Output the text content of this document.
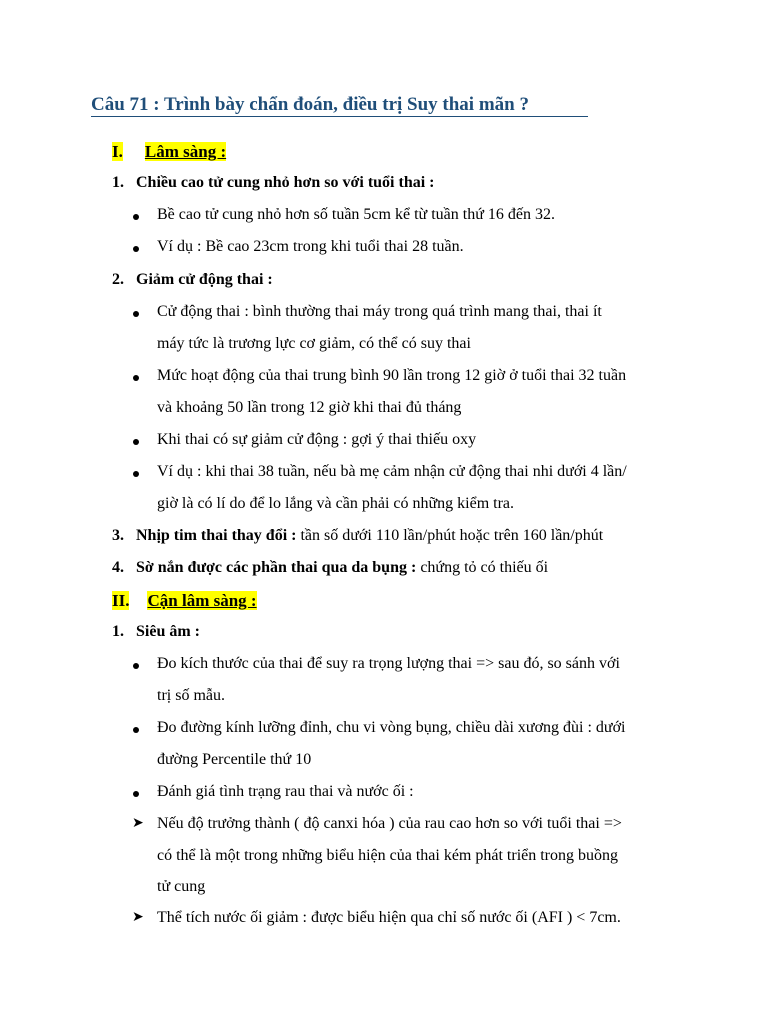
Câu 71 : Trình bày chẩn đoán, điều trị Suy thai mãn ?
I. Lâm sàng :
1. Chiều cao tử cung nhỏ hơn so với tuổi thai :
Bề cao tử cung nhỏ hơn số tuần 5cm kể từ tuần thứ 16 đến 32.
Ví dụ : Bề cao 23cm trong khi tuổi thai 28 tuần.
2. Giảm cử động thai :
Cử động thai : bình thường thai máy trong quá trình mang thai, thai ít
máy tức là trương lực cơ giảm, có thể có suy thai
Mức hoạt động của thai trung bình 90 lần trong 12 giờ ở tuổi thai 32 tuần
và khoảng 50 lần trong 12 giờ khi thai đủ tháng
Khi thai có sự giảm cử động : gợi ý thai thiếu oxy
Ví dụ : khi thai 38 tuần, nếu bà mẹ cảm nhận cử động thai nhi dưới 4 lần/
giờ là có lí do để lo lắng và cần phải có những kiểm tra.
3. Nhịp tim thai thay đổi : tần số dưới 110 lần/phút hoặc trên 160 lần/phút
4. Sờ nắn được các phần thai qua da bụng : chứng tỏ có thiếu ối
II. Cận lâm sàng :
1. Siêu âm :
Đo kích thước của thai để suy ra trọng lượng thai => sau đó, so sánh với
trị số mẫu.
Đo đường kính lưỡng đỉnh, chu vi vòng bụng, chiều dài xương đùi : dưới
đường Percentile thứ 10
Đánh giá tình trạng rau thai và nước ối :
➤ Nếu độ trưởng thành ( độ canxi hóa ) của rau cao hơn so với tuổi thai =>
có thể là một trong những biểu hiện của thai kém phát triển trong buồng
tử cung
➤ Thể tích nước ối giảm : được biểu hiện qua chỉ số nước ối (AFI ) < 7cm.
